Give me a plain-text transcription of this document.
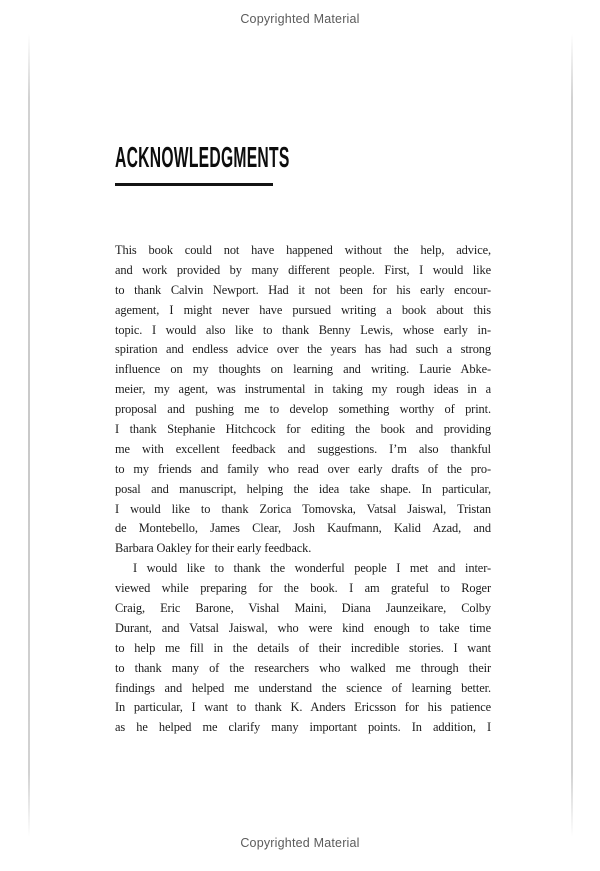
Copyrighted Material
ACKNOWLEDGMENTS
This book could not have happened without the help, advice,
and work provided by many different people. First, I would like
to thank Calvin Newport. Had it not been for his early encour-
agement, I might never have pursued writing a book about this
topic. I would also like to thank Benny Lewis, whose early in-
spiration and endless advice over the years has had such a strong
influence on my thoughts on learning and writing. Laurie Abke-
meier, my agent, was instrumental in taking my rough ideas in a
proposal and pushing me to develop something worthy of print.
I thank Stephanie Hitchcock for editing the book and providing
me with excellent feedback and suggestions. I’m also thankful
to my friends and family who read over early drafts of the pro-
posal and manuscript, helping the idea take shape. In particular,
I would like to thank Zorica Tomovska, Vatsal Jaiswal, Tristan
de Montebello, James Clear, Josh Kaufmann, Kalid Azad, and
Barbara Oakley for their early feedback.
I would like to thank the wonderful people I met and inter-
viewed while preparing for the book. I am grateful to Roger
Craig, Eric Barone, Vishal Maini, Diana Jaunzeikare, Colby
Durant, and Vatsal Jaiswal, who were kind enough to take time
to help me fill in the details of their incredible stories. I want
to thank many of the researchers who walked me through their
findings and helped me understand the science of learning better.
In particular, I want to thank K. Anders Ericsson for his patience
as he helped me clarify many important points. In addition, I
Copyrighted Material
